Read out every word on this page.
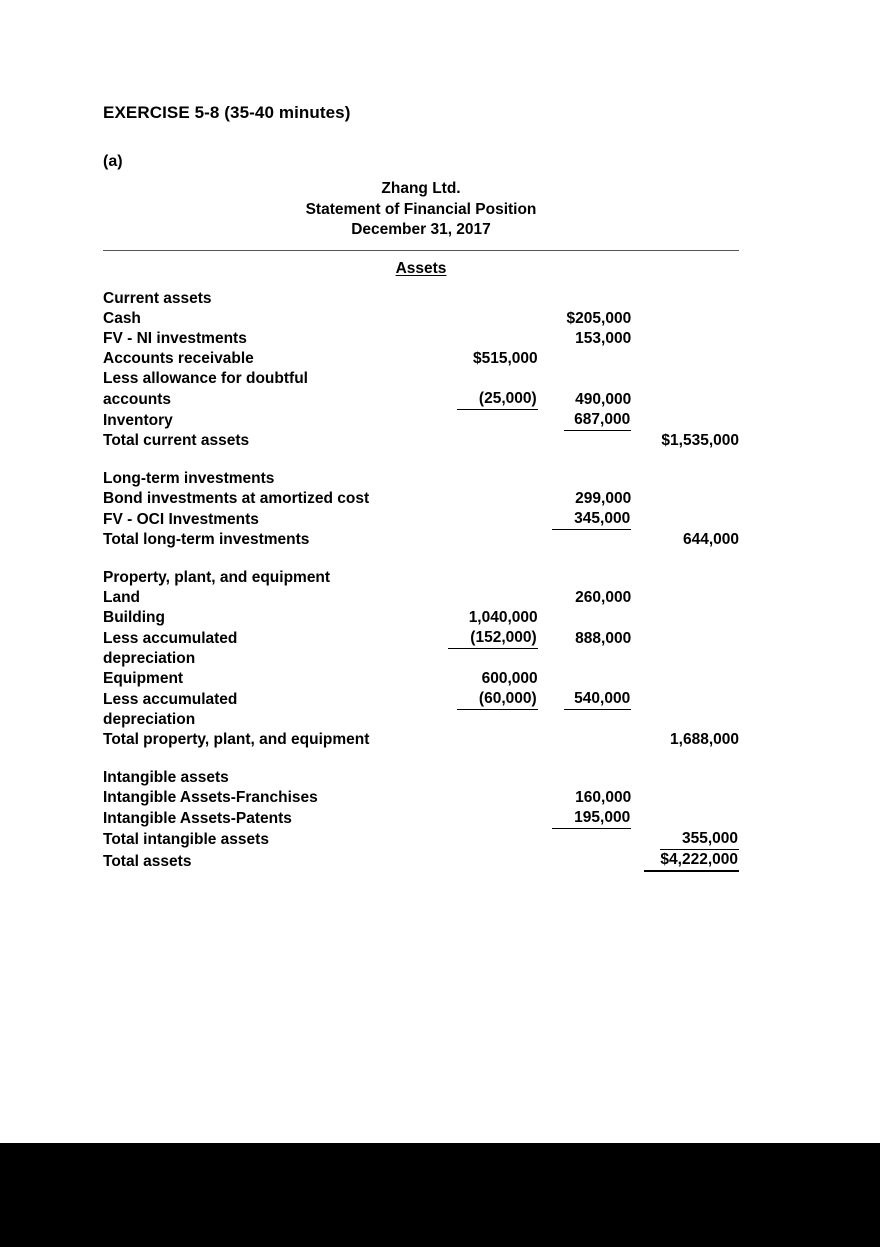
EXERCISE 5-8 (35-40 minutes)
(a)
Zhang Ltd.
Statement of Financial Position
December 31, 2017
Assets
Current assets			
Cash		$205,000	
FV - NI investments		153,000	
Accounts receivable	$515,000		
Less allowance for doubtful			
accounts	(25,000)	490,000	
Inventory		687,000	
Total current assets			$1,535,000

Long-term investments			
Bond investments at amortized cost		299,000	
FV - OCI Investments		345,000	
Total long-term investments			644,000

Property, plant, and equipment			
Land		260,000	
Building	1,040,000		
Less accumulated	(152,000)	888,000	
depreciation			
Equipment	600,000		
Less accumulated	(60,000)	540,000	
depreciation			
Total property, plant, and equipment			1,688,000

Intangible assets			
Intangible Assets-Franchises		160,000	
Intangible Assets-Patents		195,000	
Total intangible assets			355,000
Total assets			$4,222,000
